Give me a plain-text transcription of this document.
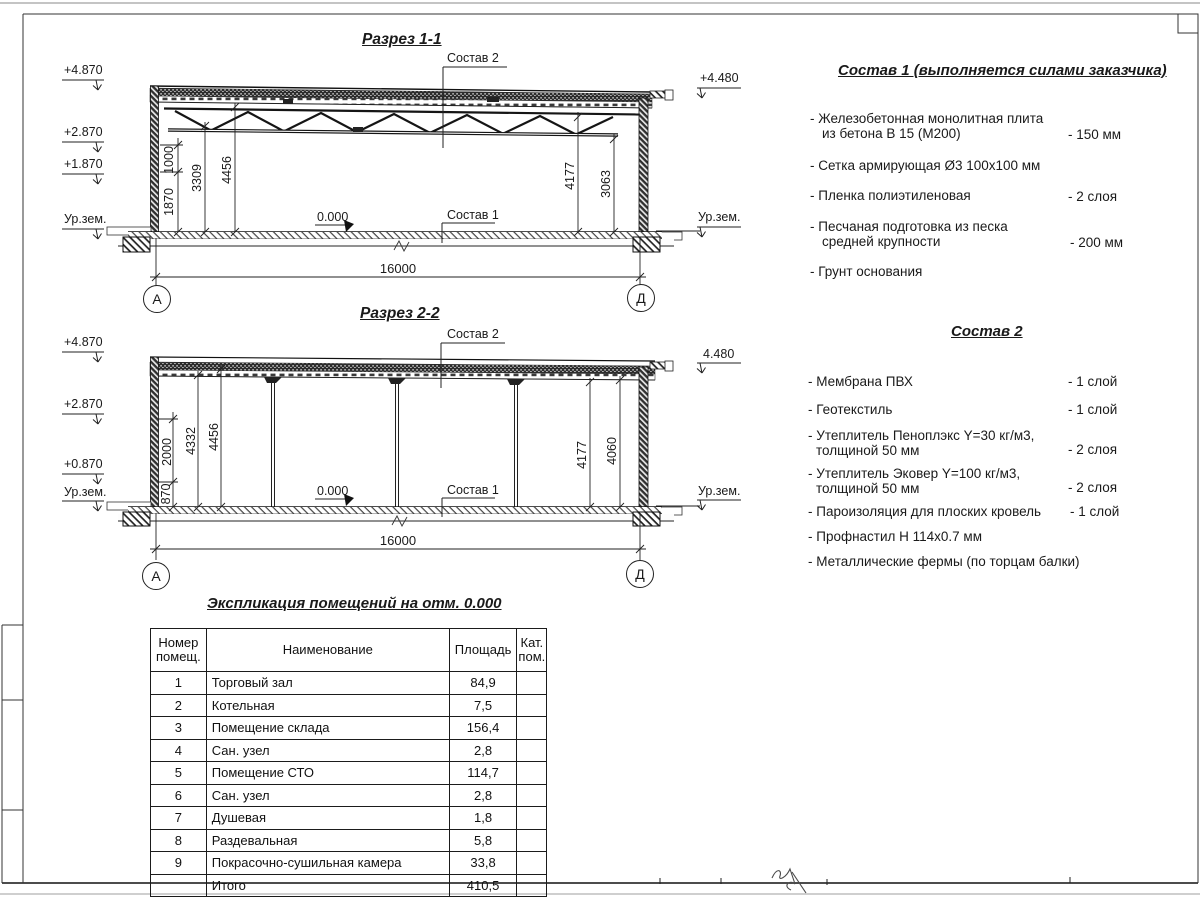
Разрез 1-1
Состав 2
Состав 1
+4.870
+2.870
+1.870
Ур.зем.
+4.480
Ур.зем.
0.000
1000
1870
3309 4456	4177 3063
16000
А	Д
Разрез 2-2
Состав 2
Состав 1
+4.870
+2.870
+0.870
Ур.зем.
4.480
Ур.зем.
0.000
2000
870
4332 4456
4177 4060
16000
А	Д
Состав 1 (выполняется силами заказчика)
- Железобетонная монолитная плита
из бетона В 15 (М200)	- 150 мм
- Сетка армирующая Ø3 100х100 мм
- Пленка полиэтиленовая	- 2 слоя
- Песчаная подготовка из песка
средней крупности	- 200 мм
- Грунт основания
Состав 2
- Мембрана ПВХ	- 1 слой
- Геотекстиль	- 1 слой
- Утеплитель Пеноплэкс Y=30 кг/м3,
толщиной 50 мм	- 2 слоя
- Утеплитель Эковер Y=100 кг/м3,
толщиной 50 мм	- 2 слоя
- Пароизоляция для плоских кровель - 1 слой
- Профнастил Н 114х0.7 мм
- Металлические фермы (по торцам балки)
Экспликация помещений на отм. 0.000
Номер
помещ.	Наименование	Площадь	Кат.
пом.
1	Торговый зал	84,9	
2	Котельная	7,5	
3	Помещение склада	156,4	
4	Сан. узел	2,8	
5	Помещение СТО	114,7	
6	Сан. узел	2,8	
7	Душевая	1,8	
8	Раздевальная	5,8	
9	Покрасочно-сушильная камера	33,8	
	Итого	410,5	
